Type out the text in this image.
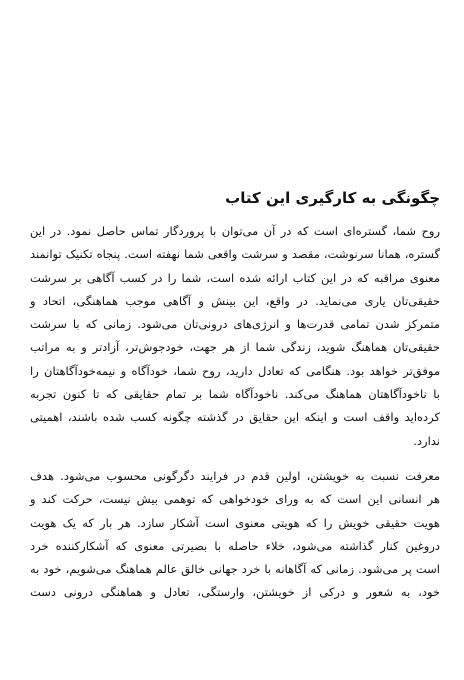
چگونگی به کارگیری این کتاب
روح شما، گستره‌ای است که در آن می‌توان با پروردگار تماس حاصل نمود. در این
گستره، همانا سرنوشت، مقصد و سرشت واقعی شما نهفته است. پنجاه تکنیک توانمند
معنوی مراقبه که در این کتاب ارائه شده است، شما را در کسب آگاهی بر سرشت
حقیقی‌تان یاری می‌نماید. در واقع، این بینش و آگاهی موجب هماهنگی، اتحاد و
متمرکز شدن تمامی قدرت‌ها و انرژی‌های درونی‌تان می‌شود. زمانی که با سرشت
حقیقی‌تان هماهنگ شوید، زندگی شما از هر جهت، خودجوش‌تر، آزادتر و به مراتب
موفق‌تر خواهد بود. هنگامی که تعادل دارید، روح شما، خودآگاه و نیمه‌خودآگاهتان را
با ناخودآگاهتان هماهنگ می‌کند. ناخودآگاه شما بر تمام حقایقی که تا کنون تجربه
کرده‌اید واقف است و اینکه این حقایق در گذشته چگونه کسب شده باشند، اهمیتی
ندارد.
معرفت نسبت به خویشتن، اولین قدم در فرایند دگرگونی محسوب می‌شود. هدف
هر انسانی این است که به ورای خودخواهی که توهمی بیش نیست، حرکت کند و
هویت حقیقی خویش را که هویتی معنوی است آشکار سازد. هر بار که یک هویت
دروغین کنار گذاشته می‌شود، خلاء حاصله با بصیرتی معنوی که آشکارکننده خرد
است پر می‌شود. زمانی که آگاهانه با خرد جهانی خالق عالم هماهنگ می‌شویم، خود به
خود، به شعور و درکی از خویشتن، وارستگی، تعادل و هماهنگی درونی دست
